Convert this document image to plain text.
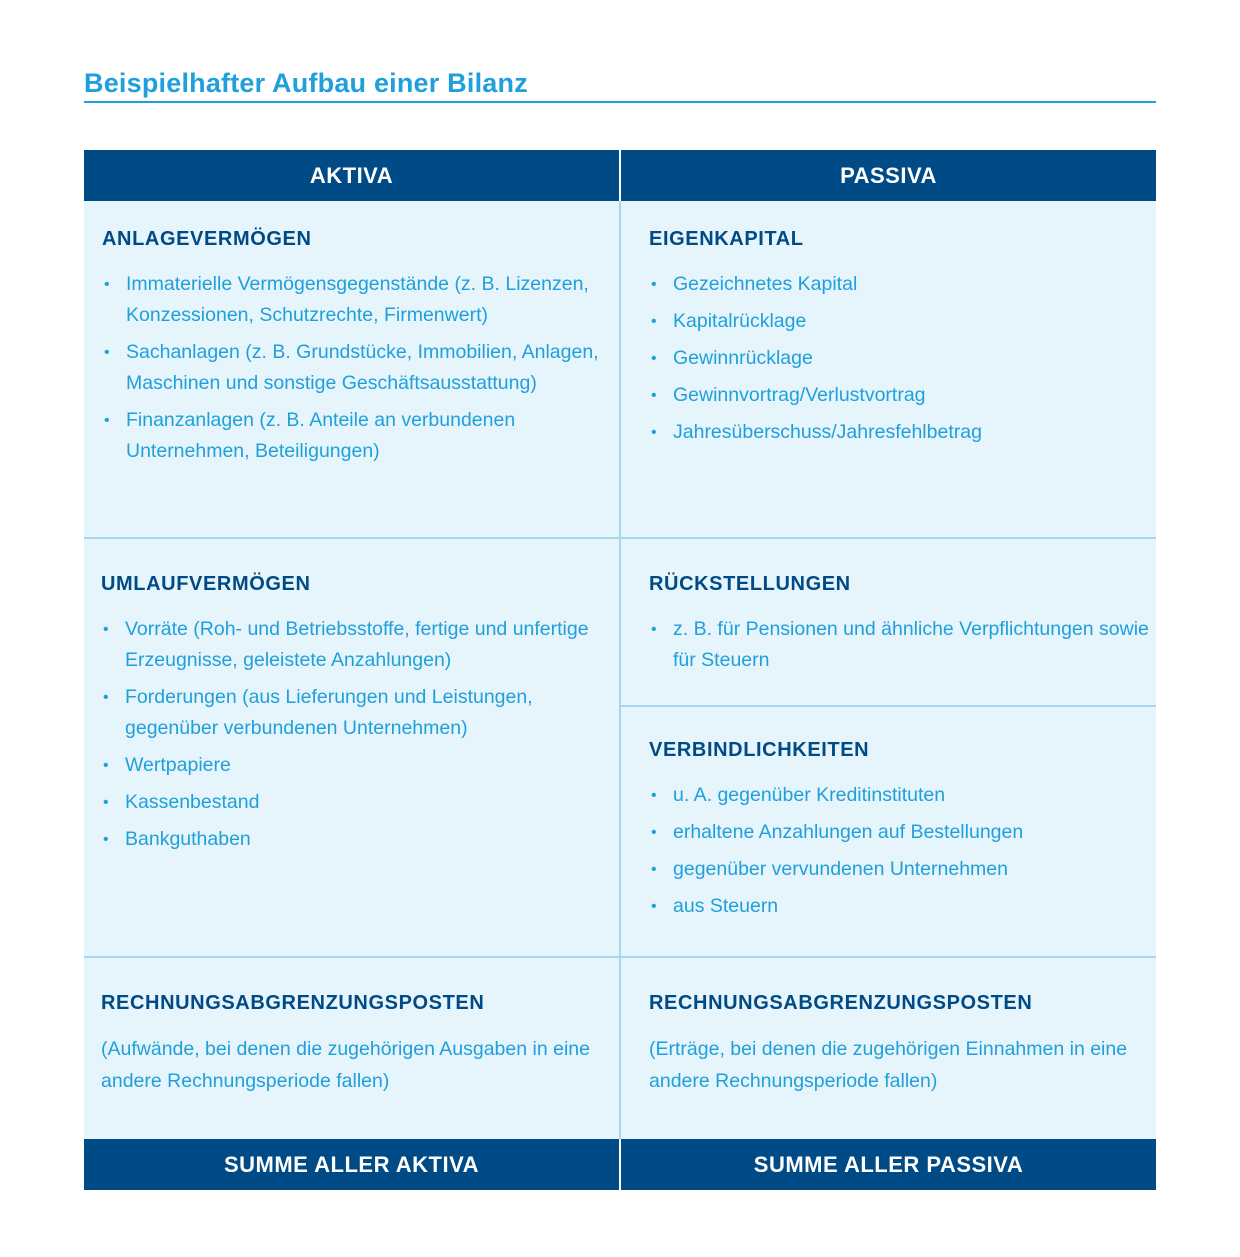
Beispielhafter Aufbau einer Bilanz
AKTIVA	PASSIVA
ANLAGEVERMÖGEN
• Immaterielle Vermögensgegenstände (z. B. Lizenzen, Konzessionen, Schutzrechte, Firmenwert)
• Sachanlagen (z. B. Grundstücke, Immobilien, Anlagen, Maschinen und sonstige Geschäftsausstattung)
• Finanzanlagen (z. B. Anteile an verbundenen Unternehmen, Beteiligungen)
EIGENKAPITAL
• Gezeichnetes Kapital
• Kapitalrücklage
• Gewinnrücklage
• Gewinnvortrag/Verlustvortrag
• Jahresüberschuss/Jahresfehlbetrag
UMLAUFVERMÖGEN
• Vorräte (Roh- und Betriebsstoffe, fertige und unfertige Erzeugnisse, geleistete Anzahlungen)
• Forderungen (aus Lieferungen und Leistungen, gegenüber verbundenen Unternehmen)
• Wertpapiere
• Kassenbestand
• Bankguthaben
RÜCKSTELLUNGEN
• z. B. für Pensionen und ähnliche Verpflichtungen sowie für Steuern
VERBINDLICHKEITEN
• u. A. gegenüber Kreditinstituten
• erhaltene Anzahlungen auf Bestellungen
• gegenüber vervundenen Unternehmen
• aus Steuern
RECHNUNGSABGRENZUNGSPOSTEN

(Aufwände, bei denen die zugehörigen Ausgaben in eine andere Rechnungsperiode fallen)

RECHNUNGSABGRENZUNGSPOSTEN

(Erträge, bei denen die zugehörigen Einnahmen in eine andere Rechnungsperiode fallen)

SUMME ALLER AKTIVA	SUMME ALLER PASSIVA
